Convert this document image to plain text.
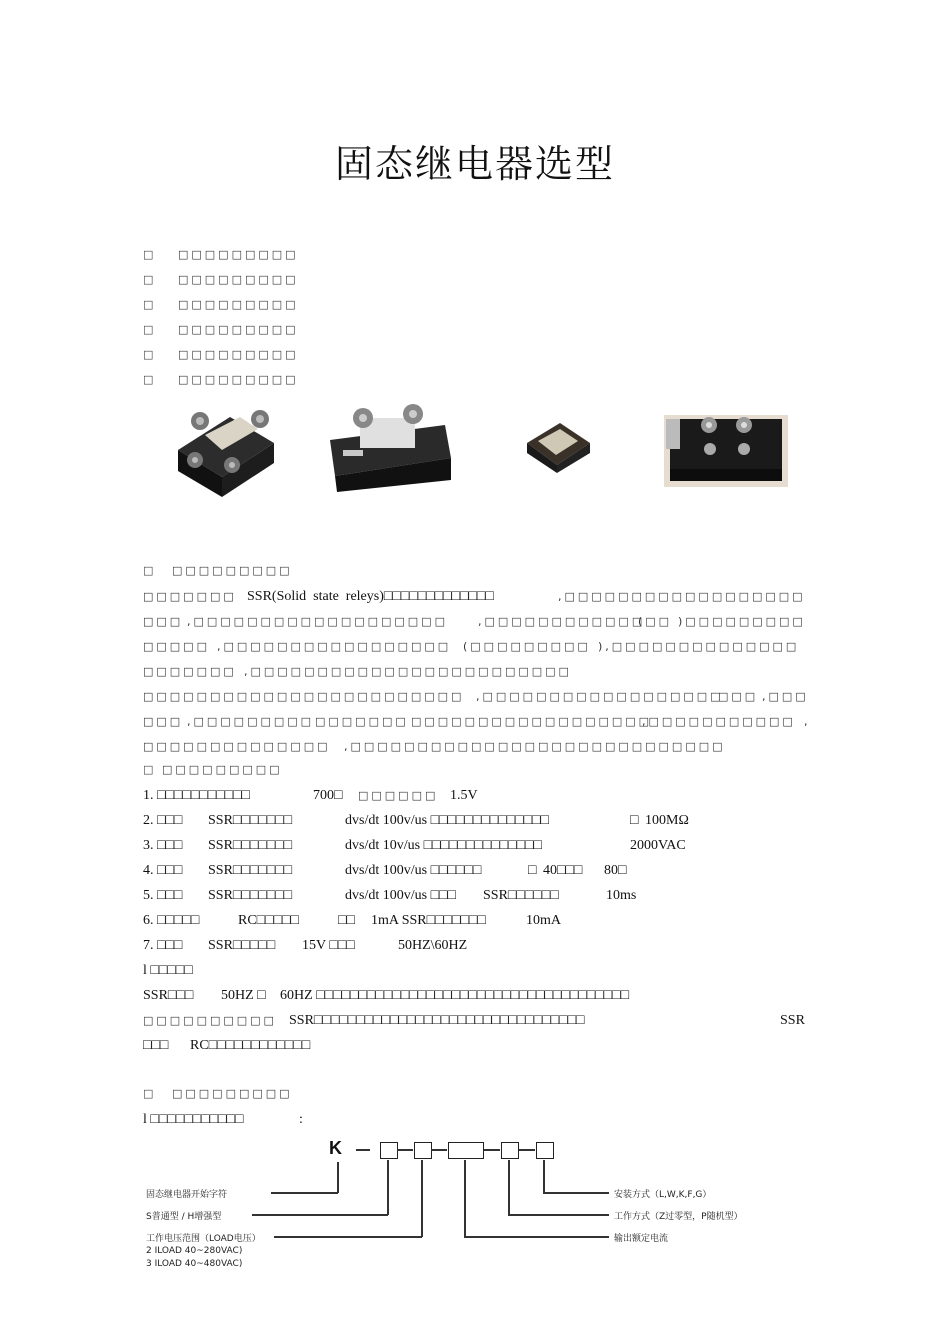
固态继电器选型
□ □□□□□□□□□
□ □□□□□□□□□
□ □□□□□□□□□
□ □□□□□□□□□
□ □□□□□□□□□
□ □□□□□□□□□
□ □□□□□□□□□
□□□□□□□ SSR(Solid  state  releys)□□□□□□□□□□□□□	,□□□□□□□□□□□□□□□□□□
□□□ ,□□□□□□□□□□□□□□□□□□□	,□□□□□□□□□□□□
(□□ )□□□□□□□□□
□□□□□ ,□□□□□□□□□□□□□□□□□ (□□□□□□□□□ ),□□□□□□□□□□□□□□
□□□□□□□ ,□□□□□□□□□□□□□□□□□□□□□□□□
□□□□□□□□□□□□□□□□□□□□□□□□ ,□□□□□□□□□□□□□□□□□□
□□□ ,□□□
□□□ ,□□□□□□□□□ □□□□□□□ □□□□□□□□□□□□□□□□□□
,□□□□□□□□□□□ ,
□□□□□□□□□□□□□□ ,□□□□□□□□□□□□□□□□□□□□□□□□□□□□
□ □□□□□□□□□
1. □□□□□□□□□□□	700□ □□□□□□ 1.5V
2. □□□ SSR□□□□□□□	dvs/dt 100v/us □□□□□□□□□□□□□□	□ 100MΩ
3. □□□ SSR□□□□□□□	dvs/dt 10v/us □□□□□□□□□□□□□□	2000VAC
4. □□□ SSR□□□□□□□	dvs/dt 100v/us □□□□□□	□ 40□□□ 80□
5. □□□ SSR□□□□□□□	dvs/dt 100v/us □□□ SSR□□□□□□	10ms
6. □□□□□	RC□□□□□	□□ 1mA SSR□□□□□□□	10mA
7. □□□ SSR□□□□□ 15V □□□	50HZ\60HZ
l □□□□□
SSR□□□ 50HZ □ 60HZ □□□□□□□□□□□□□□□□□□□□□□□□□□□□□□□□□□□□□
□□□□□□□□□□ SSR□□□□□□□□□□□□□□□□□□□□□□□□□□□□□□□□	SSR
□□□ RC□□□□□□□□□□□□
□ □□□□□□□□□
l □□□□□□□□□□□	:
K
固态继电器开始字符
S普通型 / H增强型
工作电压范围（LOAD电压）
2 ILOAD 40~280VAC)
3 ILOAD 40~480VAC)
安装方式（L,W,K,F,G）
工作方式（Z过零型，P随机型）
输出额定电流
